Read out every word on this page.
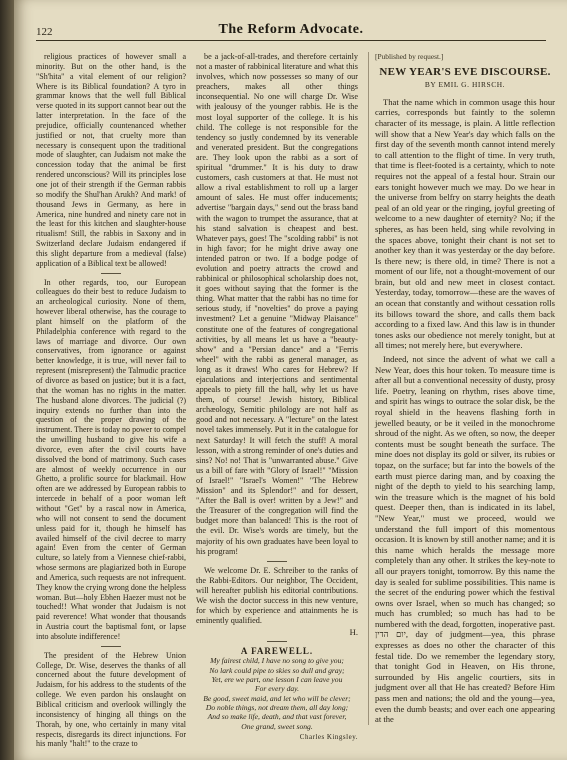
122	The Reform Advocate.

religious practices of however small a minority. But on the other hand, is the "Sh'hita" a vital element of our religion? Where is its Biblical foundation? A tyro in grammar knows that the well full Biblical verse quoted in its support cannot bear out the latter interpretation. In the face of the prejudice, officially countenanced whether justified or not, that cruelty more than necessary is consequent upon the traditional mode of slaughter, can Judaism not make the concession today that the animal be first rendered unconscious? Will its principles lose one jot of their strength if the German rabbis so modify the Shul'han Arukh? And mark! of thousand Jews in Germany, as here in America, nine hundred and ninety care not in the least for this kitchen and slaughter-house ritualism! Still, the rabbis in Saxony and in Switzerland declare Judaism endangered if this slight departure from a medieval (false) application of a Biblical text be allowed!

In other regards, too, our European colleagues do their best to reduce Judaism to an archeological curiosity. None of them, however liberal otherwise, has the courage to plant himself on the platform of the Philadelphia conference with regard to the laws of marriage and divorce. Our own conservatives, from ignorance or against better knowledge, it is true, will never fail to represent (misrepresent) the Talmudic practice of divorce as based on justice; but it is a fact, that the woman has no rights in the matter. The husband alone divorces. The judicial (?) inquiry extends no further than into the question of the proper drawing of the instrument. There is today no power to compel the unwilling husband to give his wife a divorce, even after the civil courts have dissolved the bond of matrimony. Such cases are almost of weekly occurrence in our Ghetto, a prolific source for blackmail. How often are we addressed by European rabbis to intercede in behalf of a poor woman left without "Get" by a rascal now in America, who will not consent to send the document unless paid for it, though he himself has availed himself of the civil decree to marry again! Even from the center of German culture, so lately from a Viennese chief-rabbi, whose sermons are plagiarized both in Europe and America, such requests are not infrequent. They know the crying wrong done the helpless woman. But—holy Ebhen Haezer must not be touched!! What wonder that Judaism is not paid reverence! What wonder that thousands in Austria court the baptismal font, or lapse into absolute indifference!

The president of the Hebrew Union College, Dr. Wise, deserves the thanks of all concerned about the future development of Judaism, for his address to the students of the college. We even pardon his onslaught on Biblical criticism and overlook willingly the inconsistency of hinging all things on the Thorah, by one, who certainly in many vital respects, disregards its direct injunctions. For his manly "halt!" to the craze to

be a jack-of-all-trades, and therefore certainly not a master of rabbinical literature and what this involves, which now possesses so many of our preachers, makes all other things inconsequential. No one will charge Dr. Wise with jealousy of the younger rabbis. He is the most loyal supporter of the college. It is his child. The college is not responsible for the tendency so justly condemned by its venerable and venerated president. But the congregations are. They look upon the rabbi as a sort of spiritual "drummer." It is his duty to draw customers, cash customers at that. He must not allow a rival establishment to roll up a larger amount of sales. He must offer inducements; advertise "bargain days," send out the brass band with the wagon to trumpet the assurance, that at his stand salvation is cheapest and best. Whatever pays, goes! The "scolding rabbi" is not in high favor; for he might drive away one intended patron or two. If a bodge podge of evolution and poetry attracts the crowd and rabbinical or philosophical scholarship does not, it goes without saying that the former is the thing. What matter that the rabbi has no time for serious study, if "novelties" do prove a paying investment? Let a genuine "Midway Plaisance" constitute one of the features of congregational activities, by all means let us have a "beauty-show" and a "Persian dance" and a "Ferris wheel" with the rabbi as general manager, as long as it draws! Who cares for Hebrew? If ejaculations and interjections and sentimental appeals to piety fill the hall, why let us have them, of course! Jewish history, Biblical archæology, Semitic philology are not half as good and not necessary. A "lecture" on the latest novel takes immensely. Put it in the catalogue for next Saturday! It will fetch the stuff! A moral lesson, with a strong reminder of one's duties and sins? No! no! That is "unwarranted abuse." Give us a bill of fare with "Glory of Israel!" "Mission of Israel!" "Israel's Women!" "The Hebrew Mission" and its Splendor!" and for dessert, "After the Ball is over! written by a Jew!" and the Treasurer of the congregation will find the budget more than balanced! This is the root of the evil. Dr. Wise's words are timely, but the majority of his own graduates have been loyal to his program!

We welcome Dr. E. Schreiber to the ranks of the Rabbi-Editors. Our neighbor, The Occident, will hereafter publish his editorial contributions. We wish the doctor success in this new venture, for which by experience and attainments he is eminently qualified.

H.
A FAREWELL.
My fairest child, I have no song to give you;
No lark could pipe to skies so dull and gray;
Yet, ere we part, one lesson I can leave you
For every day.
Be good, sweet maid, and let who will be clever;
Do noble things, not dream them, all day long;
And so make life, death, and that vast forever,
One grand, sweet song.
Charles Kingsley.
[Published by request.]
NEW YEAR'S EVE DISCOURSE.
BY EMIL G. HIRSCH.

That the name which in common usage this hour carries, corresponds but faintly to the solemn character of its message, is plain. A little reflection will show that a New Year's day which falls on the first day of the seventh month cannot intend merely to call attention to the flight of time. In very truth, that time is fleet-footed is a certainty, which to note requires not the appeal of a festal hour. Strain our ears tonight however much we may. Do we hear in the universe from belfry on starry heights the death peal of an old year or the ringing, joyful greeting of welcome to a new daughter of eternity? No; if the spheres, as has been held, sing while revolving in the spaces above, tonight their chant is not set to another key than it was yesterday or the day before. Is there new; is there old, in time? There is not a moment of our life, not a thought-movement of our brain, but old and new meet in closest contact. Yesterday, today, tomorrow—these are the waves of an ocean that constantly and without cessation rolls its billows toward the shore, and calls them back according to a fixed law. And this law is in thunder tones asks our obedience not merely tonight, but at all times; not merely here, but everywhere.

Indeed, not since the advent of what we call a New Year, does this hour token. To measure time is after all but a conventional necessity of dusty, prosy life. Poetry, leaning on rhythm, rises above time, and spirit has wings to outrace the solar disk, be the royal shield in the heavens flashing forth in jewelled beauty, or be it veiled in the monochrome shroud of the night. As we often, so now, the deeper contents must be sought beneath the surface. The mine does not display its gold or silver, its rubies or topaz, on the surface; but far into the bowels of the earth must pierce daring man, and by coaxing the night of the depth to yield to his searching lamp, win the treasure which is the magnet of his bold quest. Deeper then, than is indicated in its label, "New Year," must we proceed, would we understand the full import of this momentous occasion. It is known by still another name; and it is this name which heralds the message more completely than any other. It strikes the key-note to all our prayers tonight, tomorrow. By this name the day is sealed for sublime possibilities. This name is the secret of the enduring power which the festival owns over Israel, when so much has changed; so much has crumbled; so much has had to be numbered with the dead, forgotten, inoperative past. יום הדין, day of judgment—yea, this phrase expresses as does no other the character of this festal tide. Do we remember the legendary story, that tonight God in Heaven, on His throne, surrounded by His angelic courtiers, sits in judgment over all that He has created? Before Him pass men and nations; the old and the young—yea, even the dumb beasts; and over each one appearing at the
